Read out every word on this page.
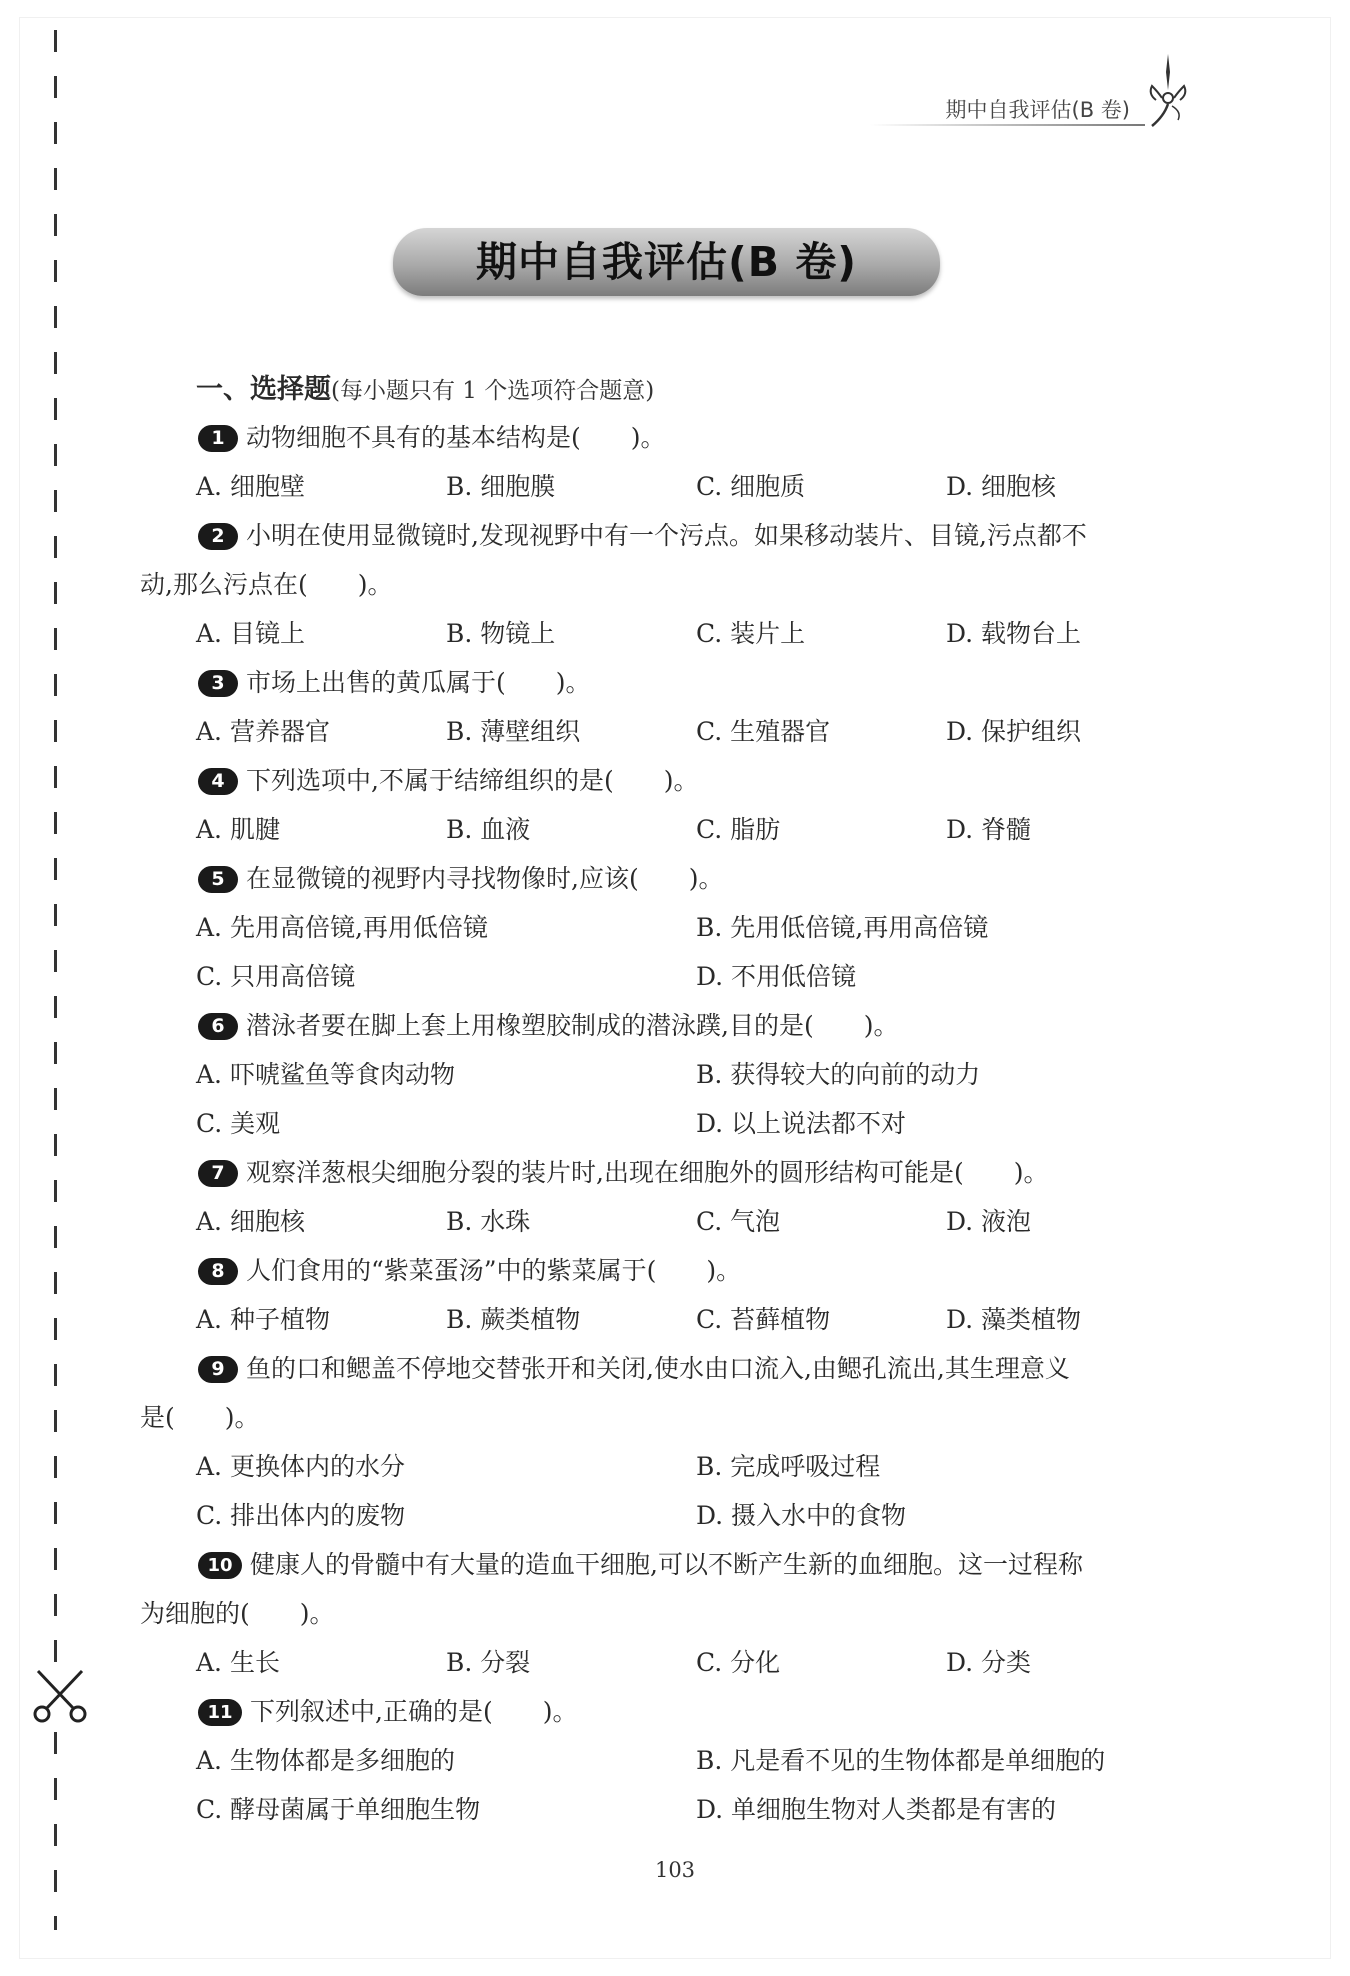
期中自我评估(B 卷)
期中自我评估(B 卷)
一、选择题(每小题只有 1 个选项符合题意)
1 动物细胞不具有的基本结构是(　　)。
A. 细胞壁	B. 细胞膜	C. 细胞质	D. 细胞核
2 小明在使用显微镜时,发现视野中有一个污点。如果移动装片、目镜,污点都不
动,那么污点在(　　)。
A. 目镜上	B. 物镜上	C. 装片上	D. 载物台上
3 市场上出售的黄瓜属于(　　)。
A. 营养器官	B. 薄壁组织	C. 生殖器官	D. 保护组织
4 下列选项中,不属于结缔组织的是(　　)。
A. 肌腱	B. 血液	C. 脂肪	D. 脊髓
5 在显微镜的视野内寻找物像时,应该(　　)。
A. 先用高倍镜,再用低倍镜	B. 先用低倍镜,再用高倍镜
C. 只用高倍镜	D. 不用低倍镜
6 潜泳者要在脚上套上用橡塑胶制成的潜泳蹼,目的是(　　)。
A. 吓唬鲨鱼等食肉动物	B. 获得较大的向前的动力
C. 美观	D. 以上说法都不对
7 观察洋葱根尖细胞分裂的装片时,出现在细胞外的圆形结构可能是(　　)。
A. 细胞核	B. 水珠	C. 气泡	D. 液泡
8 人们食用的“紫菜蛋汤”中的紫菜属于(　　)。
A. 种子植物	B. 蕨类植物	C. 苔藓植物	D. 藻类植物
9 鱼的口和鳃盖不停地交替张开和关闭,使水由口流入,由鳃孔流出,其生理意义
是(　　)。
A. 更换体内的水分	B. 完成呼吸过程
C. 排出体内的废物	D. 摄入水中的食物
10 健康人的骨髓中有大量的造血干细胞,可以不断产生新的血细胞。这一过程称
为细胞的(　　)。
A. 生长	B. 分裂	C. 分化	D. 分类
11 下列叙述中,正确的是(　　)。
A. 生物体都是多细胞的	B. 凡是看不见的生物体都是单细胞的
C. 酵母菌属于单细胞生物	D. 单细胞生物对人类都是有害的
103
